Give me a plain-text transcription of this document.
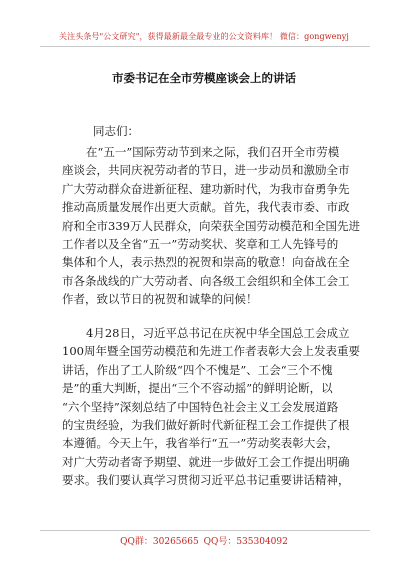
关注头条号"公文研究"，获得最新最全最专业的公文资料库！ 微信：gongwenyj
市委书记在全市劳模座谈会上的讲话
同志们：

在“五一”国际劳动节到来之际，我们召开全市劳模
座谈会，共同庆祝劳动者的节日，进一步动员和激励全市
广大劳动群众奋进新征程、建功新时代，为我市奋勇争先
推动高质量发展作出更大贡献。首先，我代表市委、市政
府和全市339万人民群众，向荣获全国劳动模范和全国先进
工作者以及全省“五一”劳动奖状、奖章和工人先锋号的
集体和个人，表示热烈的祝贺和崇高的敬意！向奋战在全
市各条战线的广大劳动者、向各级工会组织和全体工会工
作者，致以节日的祝贺和诚挚的问候！

4月28日，习近平总书记在庆祝中华全国总工会成立
100周年暨全国劳动模范和先进工作者表彰大会上发表重要
讲话，作出了工人阶级“四个不愧是”、工会“三个不愧
是”的重大判断，提出“三个不容动摇”的鲜明论断，以
“六个坚持”深刻总结了中国特色社会主义工会发展道路
的宝贵经验，为我们做好新时代新征程工会工作提供了根
本遵循。今天上午，我省举行“五一”劳动奖表彰大会，
对广大劳动者寄予期望、就进一步做好工会工作提出明确
要求。我们要认真学习贯彻习近平总书记重要讲话精神，

QQ群：30265665 QQ号：535304092
